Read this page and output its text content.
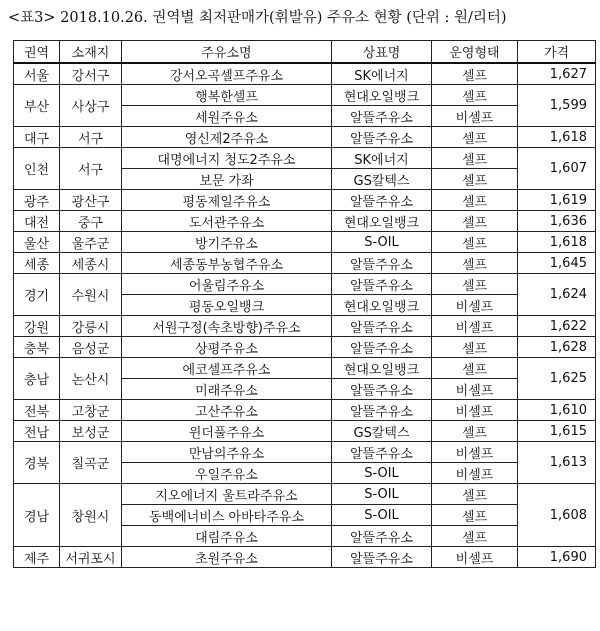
<표3> 2018.10.26. 권역별 최저판매가(휘발유) 주유소 현황 (단위 : 원/리터)
권역	소재지	주유소명	상표명	운영형태	가격
서울	강서구	강서오곡셀프주유소	SK에너지	셀프	1,627
부산	사상구	행복한셀프	현대오일뱅크	셀프	1,599
		세원주유소	알뜰주유소	비셀프	
대구	서구	영신제2주유소	알뜰주유소	셀프	1,618
인천	서구	대명에너지 청도2주유소	SK에너지	셀프	1,607
		보문 가좌	GS칼텍스	셀프	
광주	광산구	평동제일주유소	알뜰주유소	셀프	1,619
대전	중구	도서관주유소	현대오일뱅크	셀프	1,636
울산	울주군	방기주유소	S-OIL	셀프	1,618
세종	세종시	세종동부농협주유소	알뜰주유소	셀프	1,645
경기	수원시	어울림주유소	알뜰주유소	셀프	1,624
		평동오일뱅크	현대오일뱅크	비셀프	
강원	강릉시	서원구정(속초방향)주유소	알뜰주유소	비셀프	1,622
충북	음성군	상평주유소	알뜰주유소	셀프	1,628
충남	논산시	에코셀프주유소	현대오일뱅크	셀프	1,625
		미래주유소	알뜰주유소	비셀프	
전북	고창군	고산주유소	알뜰주유소	비셀프	1,610
전남	보성군	윈더풀주유소	GS칼텍스	셀프	1,615
경북	칠곡군	만남의주유소	알뜰주유소	비셀프	1,613
		우일주유소	S-OIL	비셀프	
경남	창원시	지오에너지 울트라주유소	S-OIL	셀프	1,608
		동백에너비스 아바타주유소	S-OIL	셀프	
		대림주유소	알뜰주유소	셀프	
제주	서귀포시	초원주유소	알뜰주유소	비셀프	1,690
